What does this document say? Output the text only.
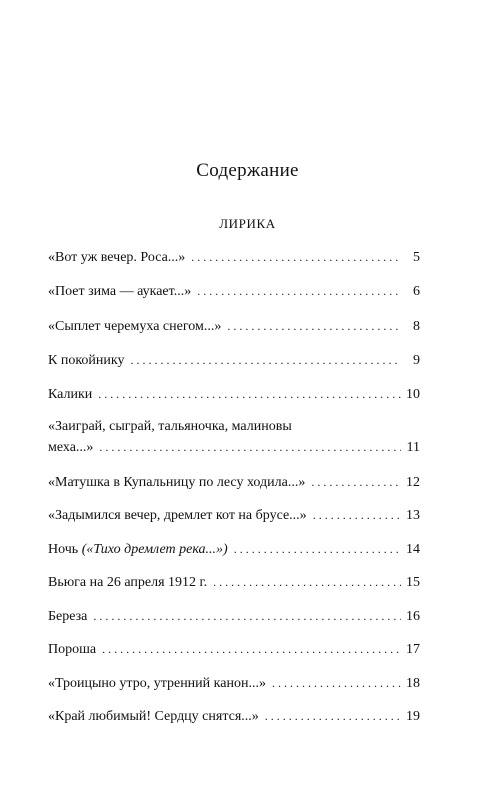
Содержание
ЛИРИКА
«Вот уж вечер. Роса...» . . .	5
«Поет зима — аукает...» . . .	6
«Сыплет черемуха снегом...» . . .	8
К покойнику . . .	9
Калики . . .	10
«Заиграй, сыграй, тальяночка, малиновы
меха...» . . .	11
«Матушка в Купальницу по лесу ходила...» . . .	12
«Задымился вечер, дремлет кот на брусе...» . . .	13
Ночь («Тихо дремлет река...») . . .	14
Вьюга на 26 апреля 1912 г. . . .	15
Береза . . .	16
Пороша . . .	17
«Троицыно утро, утренний канон...» . . .	18
«Край любимый! Сердцу снятся...» . . .	19
